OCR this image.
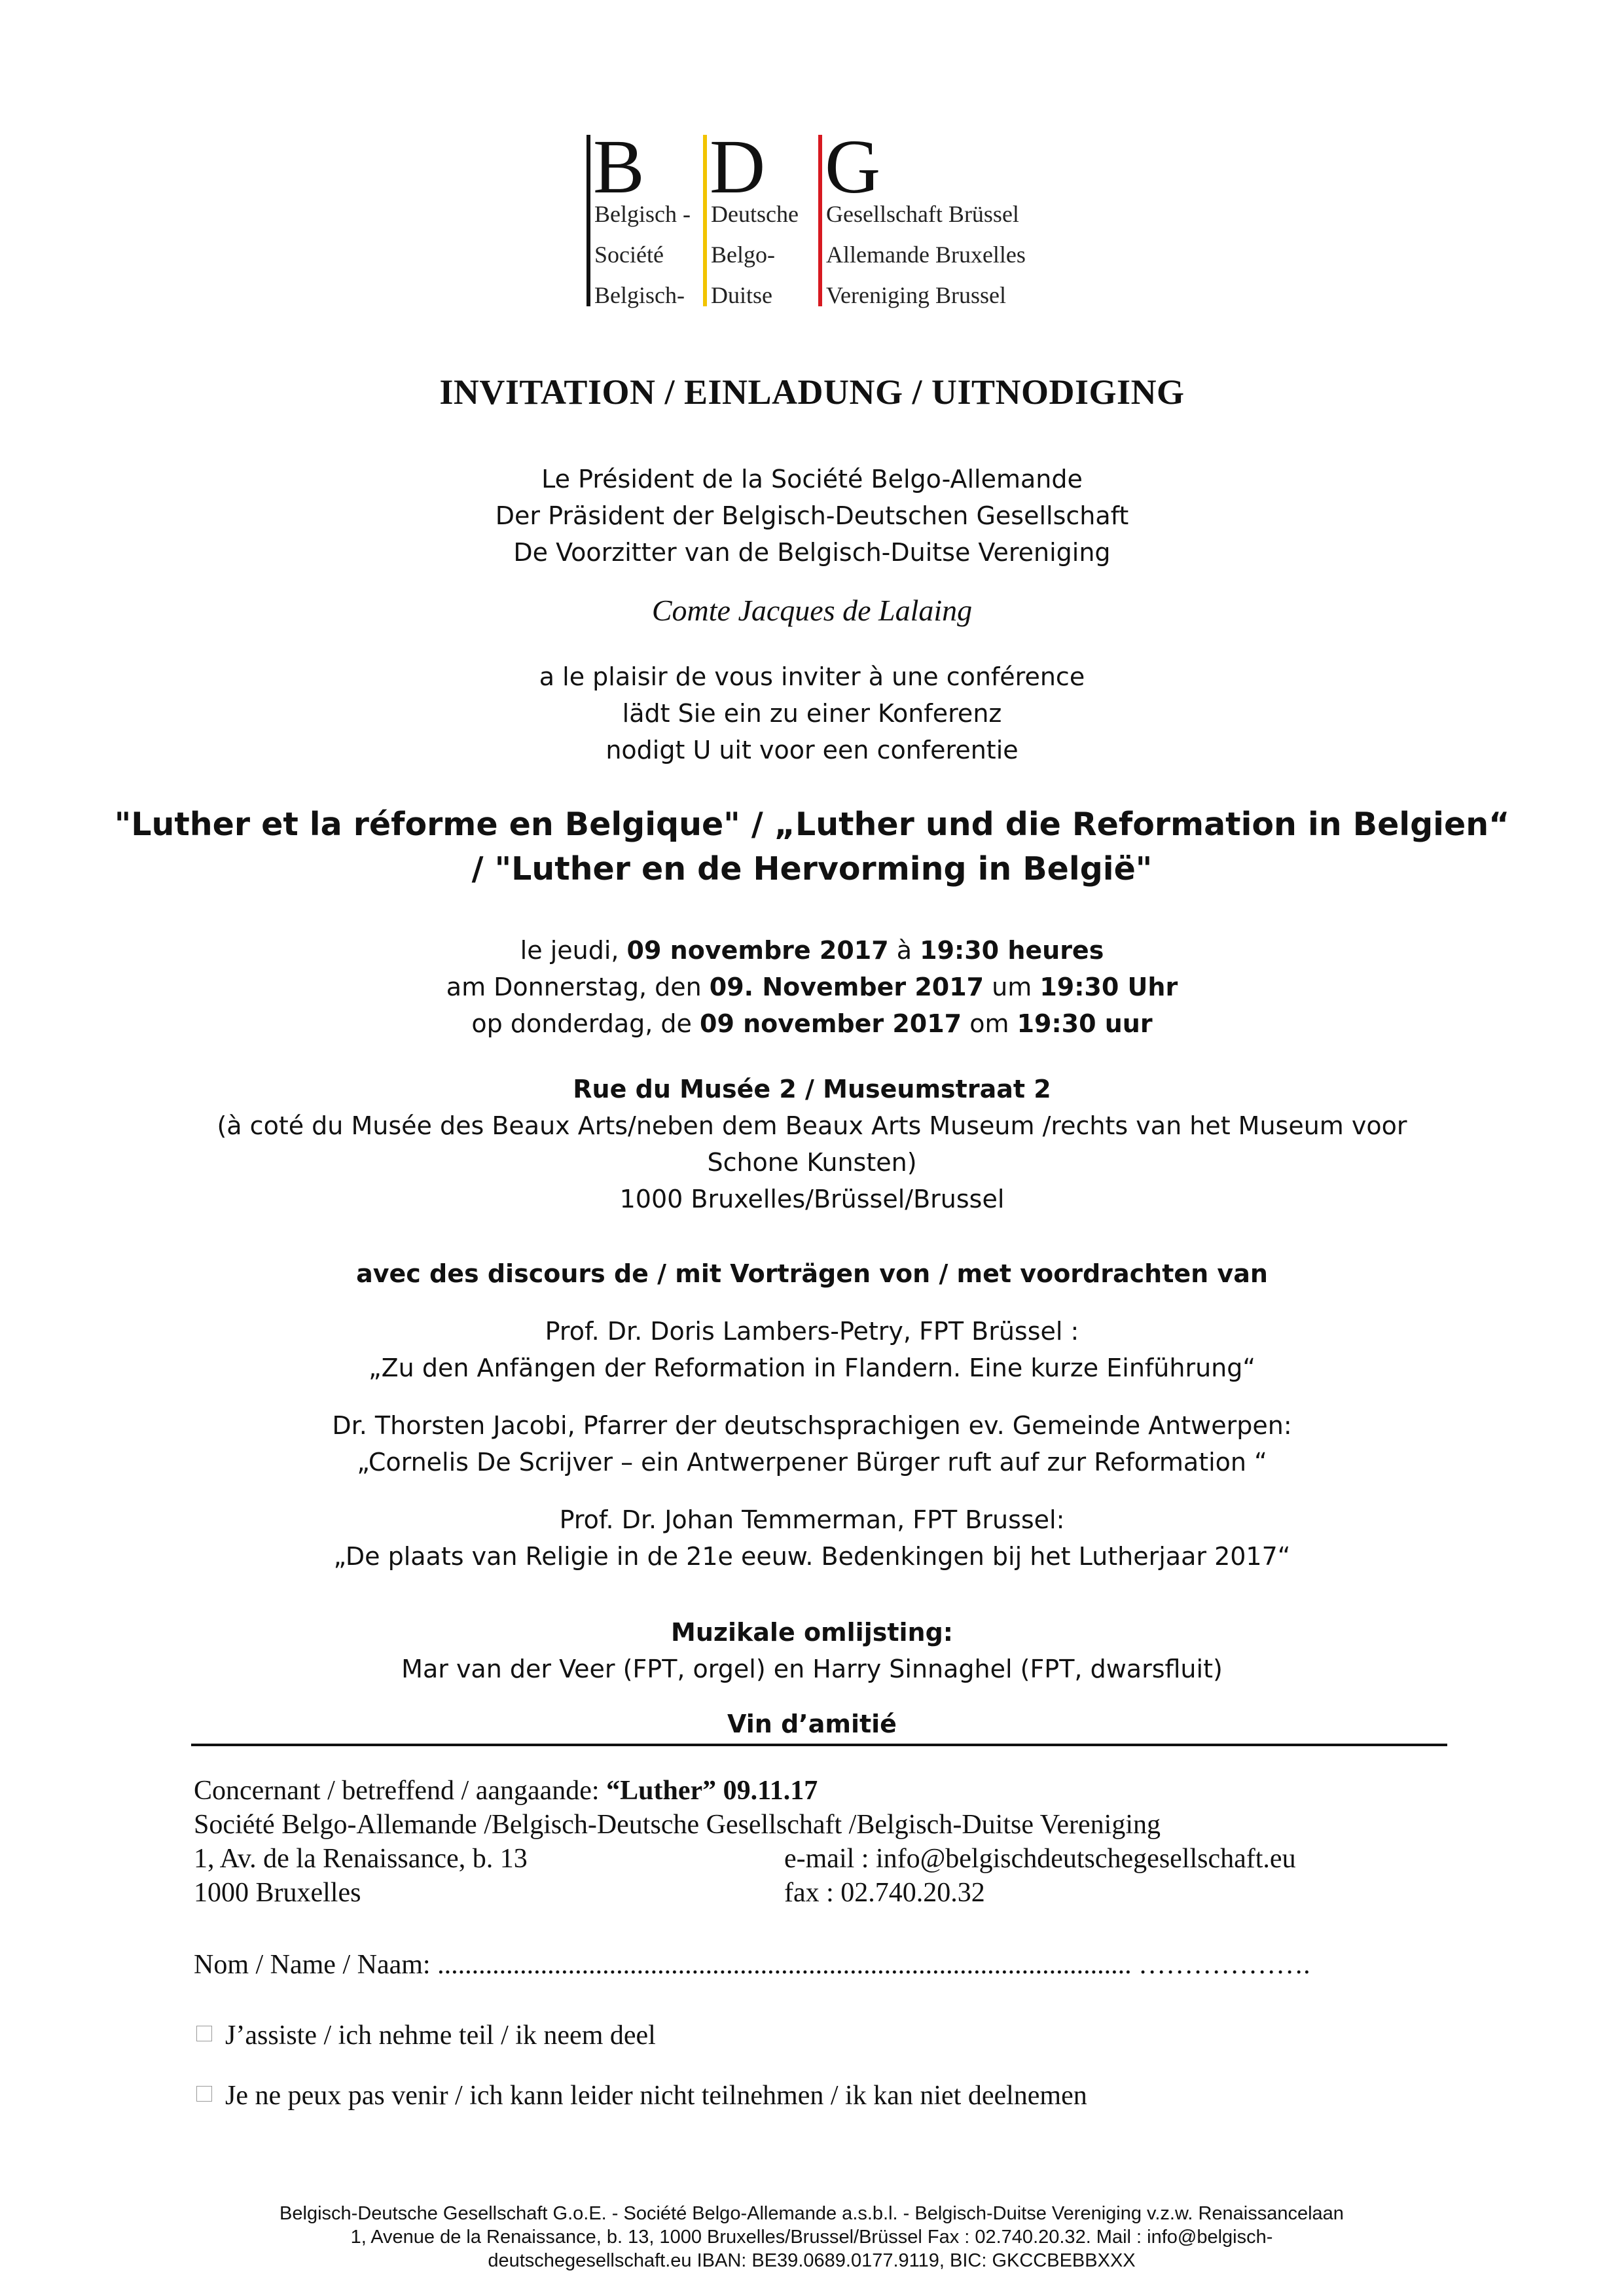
B D G
Belgisch -
Société
Belgisch-
Deutsche
Belgo-
Duitse
Gesellschaft Brüssel
Allemande Bruxelles
Vereniging Brussel
INVITATION / EINLADUNG / UITNODIGING
Le Président de la Société Belgo-Allemande
Der Präsident der Belgisch-Deutschen Gesellschaft
De Voorzitter van de Belgisch-Duitse Vereniging
Comte Jacques de Lalaing
a le plaisir de vous inviter à une conférence
lädt Sie ein zu einer Konferenz
nodigt U uit voor een conferentie
"Luther et la réforme en Belgique" / „Luther und die Reformation in Belgien“
/ "Luther en de Hervorming in België"
le jeudi, 09 novembre 2017 à 19:30 heures
am Donnerstag, den 09. November 2017 um 19:30 Uhr
op donderdag, de 09 november 2017 om 19:30 uur
Rue du Musée 2 / Museumstraat 2
(à coté du Musée des Beaux Arts/neben dem Beaux Arts Museum /rechts van het Museum voor
Schone Kunsten)
1000 Bruxelles/Brüssel/Brussel
avec des discours de / mit Vorträgen von / met voordrachten van
Prof. Dr. Doris Lambers-Petry, FPT Brüssel :
„Zu den Anfängen der Reformation in Flandern. Eine kurze Einführung“
Dr. Thorsten Jacobi, Pfarrer der deutschsprachigen ev. Gemeinde Antwerpen:
„Cornelis De Scrijver – ein Antwerpener Bürger ruft auf zur Reformation “
Prof. Dr. Johan Temmerman, FPT Brussel:
„De plaats van Religie in de 21e eeuw. Bedenkingen bij het Lutherjaar 2017“
Muzikale omlijsting:
Mar van der Veer (FPT, orgel) en Harry Sinnaghel (FPT, dwarsfluit)
Vin d’amitié
Concernant / betreffend / aangaande: “Luther” 09.11.17
Société Belgo-Allemande /Belgisch-Deutsche Gesellschaft /Belgisch-Duitse Vereniging
1, Av. de la Renaissance, b. 13	e-mail : info@belgischdeutschegesellschaft.eu
1000 Bruxelles	fax : 02.740.20.32
Nom / Name / Naam: ..................................................................................................... ……………….
J’assiste / ich nehme teil / ik neem deel
Je ne peux pas venir / ich kann leider nicht teilnehmen / ik kan niet deelnemen
Belgisch-Deutsche Gesellschaft G.o.E. - Société Belgo-Allemande a.s.b.l. - Belgisch-Duitse Vereniging v.z.w. Renaissancelaan
1, Avenue de la Renaissance, b. 13, 1000 Bruxelles/Brussel/Brüssel Fax : 02.740.20.32. Mail : info@belgisch-
deutschegesellschaft.eu IBAN: BE39.0689.0177.9119, BIC: GKCCBEBBXXX
